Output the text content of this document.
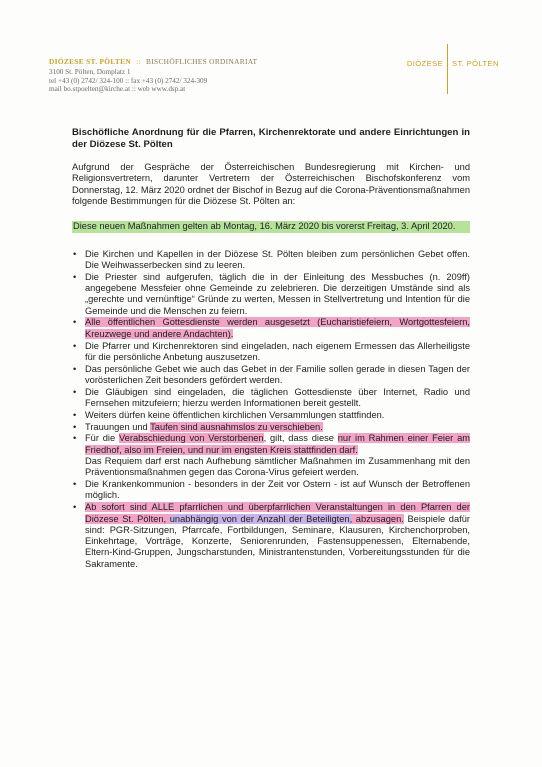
DIÖZESE ST. PÖLTEN :: BISCHÖFLICHES ORDINARIAT
3100 St. Pölten, Domplatz 1
tel +43 (0) 2742/ 324-100 :: fax +43 (0) 2742/ 324-309
mail bo.stpoelten@kirche.at :: web www.dsp.at
DIÖZESE ST. PÖLTEN

Bischöfliche Anordnung für die Pfarren, Kirchenrektorate und andere Einrichtungen in der Diözese St. Pölten

Aufgrund der Gespräche der Österreichischen Bundesregierung mit Kirchen- und Religionsvertretern, darunter Vertretern der Österreichischen Bischofskonferenz vom Donnerstag, 12. März 2020 ordnet der Bischof in Bezug auf die Corona-Präventionsmaßnahmen folgende Bestimmungen für die Diözese St. Pölten an:

Diese neuen Maßnahmen gelten ab Montag, 16. März 2020 bis vorerst Freitag, 3. April 2020.

• Die Kirchen und Kapellen in der Diözese St. Pölten bleiben zum persönlichen Gebet offen. Die Weihwasserbecken sind zu leeren.
• Die Priester sind aufgerufen, täglich die in der Einleitung des Messbuches (n. 209ff) angegebene Messfeier ohne Gemeinde zu zelebrieren. Die derzeitigen Umstände sind als „gerechte und vernünftige“ Gründe zu werten, Messen in Stellvertretung und Intention für die Gemeinde und die Menschen zu feiern.
• Alle öffentlichen Gottesdienste werden ausgesetzt (Eucharistiefeiern, Wortgottesfeiern, Kreuzwege und andere Andachten).
• Die Pfarrer und Kirchenrektoren sind eingeladen, nach eigenem Ermessen das Allerheiligste für die persönliche Anbetung auszusetzen.
• Das persönliche Gebet wie auch das Gebet in der Familie sollen gerade in diesen Tagen der vorösterlichen Zeit besonders gefördert werden.
• Die Gläubigen sind eingeladen, die täglichen Gottesdienste über Internet, Radio und Fernsehen mitzufeiern; hierzu werden Informationen bereit gestellt.
• Weiters dürfen keine öffentlichen kirchlichen Versammlungen stattfinden.
• Trauungen und Taufen sind ausnahmslos zu verschieben.
• Für die Verabschiedung von Verstorbenen, gilt, dass diese nur im Rahmen einer Feier am Friedhof, also im Freien, und nur im engsten Kreis stattfinden darf.

Das Requiem darf erst nach Aufhebung sämtlicher Maßnahmen im Zusammenhang mit den Präventionsmaßnahmen gegen das Corona-Virus gefeiert werden.

• Die Krankenkommunion - besonders in der Zeit vor Ostern - ist auf Wunsch der Betroffenen möglich.
• Ab sofort sind ALLE pfarrlichen und überpfarrlichen Veranstaltungen in den Pfarren der Diözese St. Pölten, unabhängig von der Anzahl der Beteiligten, abzusagen. Beispiele dafür sind: PGR-Sitzungen, Pfarrcafe, Fortbildungen, Seminare, Klausuren, Kirchenchorproben, Einkehrtage, Vorträge, Konzerte, Seniorenrunden, Fastensuppenessen, Elternabende, Eltern-Kind-Gruppen, Jungscharstunden, Ministrantenstunden, Vorbereitungsstunden für die Sakramente.
